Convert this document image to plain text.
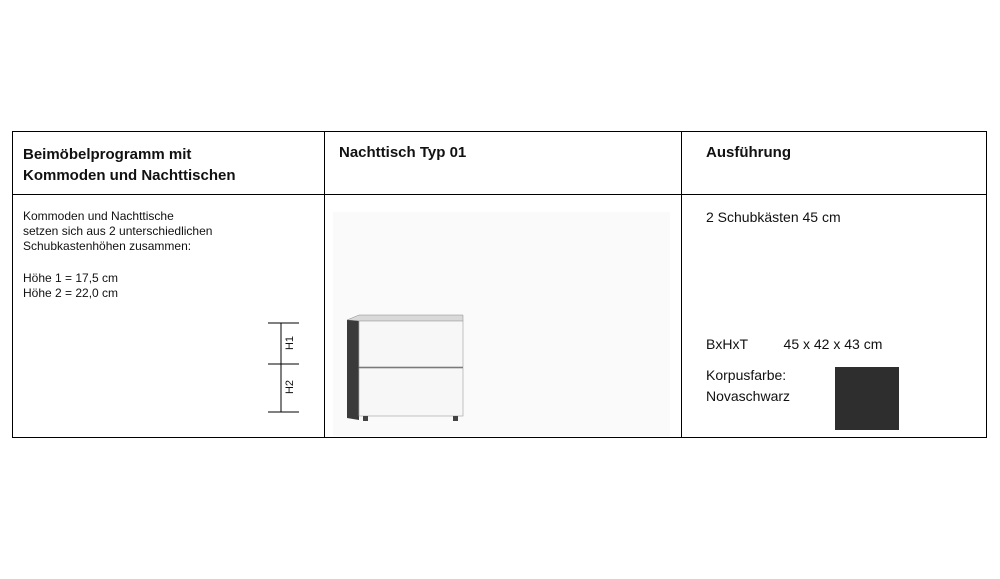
Beimöbelprogramm mit
Kommoden und Nachttischen
Nachttisch Typ 01	Ausführung
Kommoden und Nachttische
setzen sich aus 2 unterschiedlichen
Schubkastenhöhen zusammen:
Höhe 1 = 17,5 cm
Höhe 2 = 22,0 cm
H1
H2
2 Schubkästen 45 cm
BxHxT	45 x 42 x 43 cm
Korpusfarbe:
Novaschwarz
